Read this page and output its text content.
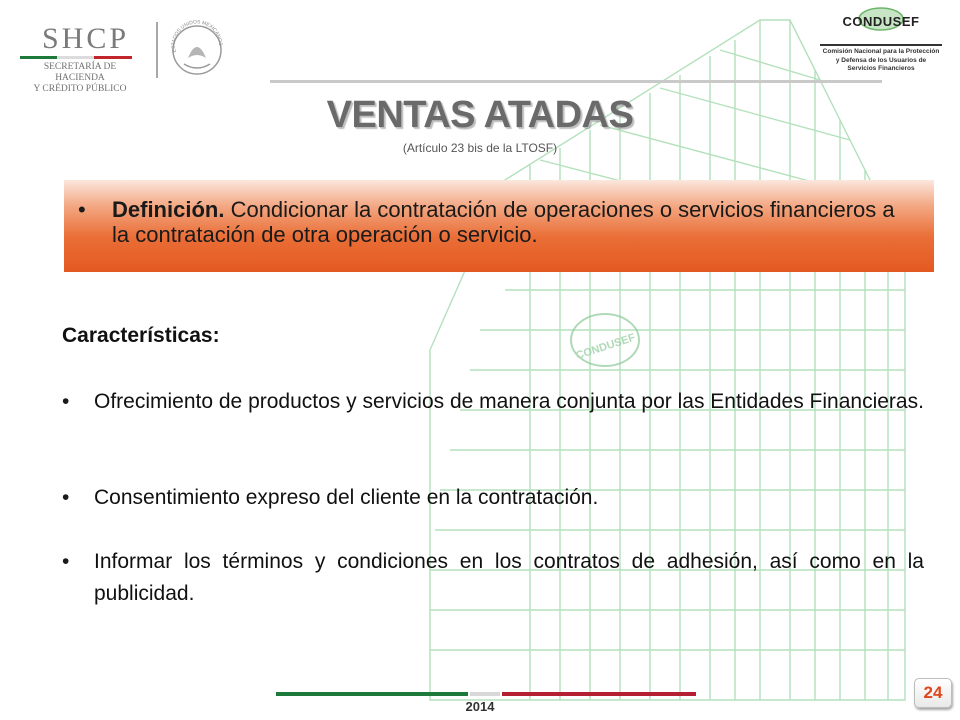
CONDUSEF
SHCP
SECRETARÍA DE HACIENDA
Y CRÉDITO PÚBLICO
ESTADOS UNIDOS MEXICANOS
CONDUSEF
Comisión Nacional para la Protección
y Defensa de los Usuarios de
Servicios Financieros
VENTAS ATADAS
(Artículo 23 bis de la LTOSF)
• Definición. Condicionar la contratación de operaciones o servicios financieros a la contratación de otra operación o servicio.
Características:
• Ofrecimiento de productos y servicios de manera conjunta por las Entidades Financieras.
• Consentimiento expreso del cliente en la contratación.
• Informar los términos y condiciones en los contratos de adhesión, así como en la publicidad.
2014
24
